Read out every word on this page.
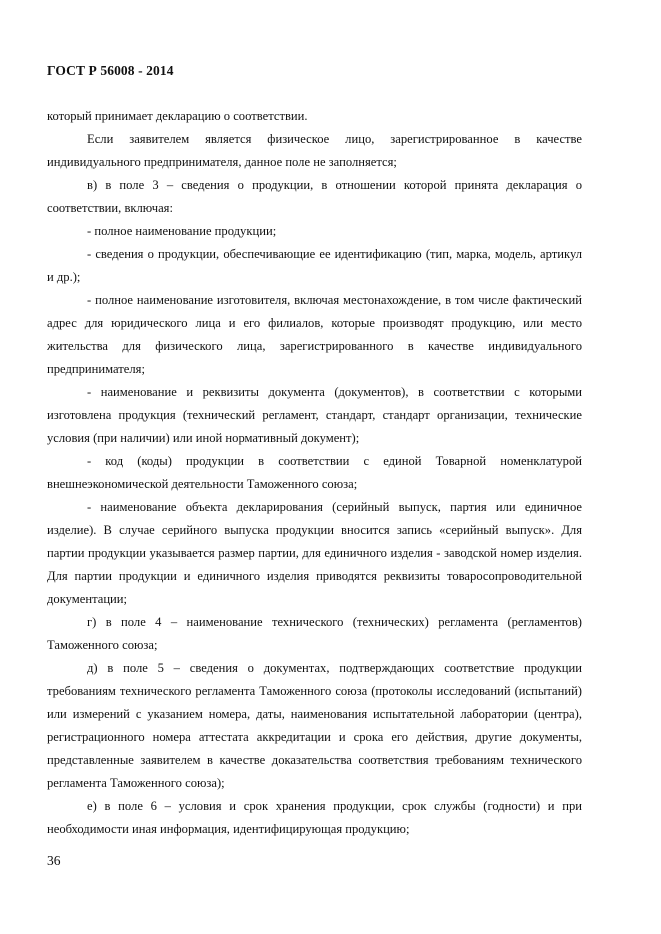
ГОСТ Р 56008 - 2014

который принимает декларацию о соответствии.

Если заявителем является физическое лицо, зарегистрированное в качестве индивидуального предпринимателя, данное поле не заполняется;

в) в поле 3 – сведения о продукции, в отношении которой принята декларация о соответствии, включая:

- полное наименование продукции;

- сведения о продукции, обеспечивающие ее идентификацию (тип, марка, модель, артикул и др.);

- полное наименование изготовителя, включая местонахождение, в том числе фактический адрес для юридического лица и его филиалов, которые производят продукцию, или место жительства для физического лица, зарегистрированного в качестве индивидуального предпринимателя;

- наименование и реквизиты документа (документов), в соответствии с которыми изготовлена продукция (технический регламент, стандарт, стандарт организации, технические условия (при наличии) или иной нормативный документ);

- код (коды) продукции в соответствии с единой Товарной номенклатурой внешнеэкономической деятельности Таможенного союза;

- наименование объекта декларирования (серийный выпуск, партия или единичное изделие). В случае серийного выпуска продукции вносится запись «серийный выпуск». Для партии продукции указывается размер партии, для единичного изделия - заводской номер изделия. Для партии продукции и единичного изделия приводятся реквизиты товаросопроводительной документации;

г) в поле 4 – наименование технического (технических) регламента (регламентов) Таможенного союза;

д) в поле 5 – сведения о документах, подтверждающих соответствие продукции требованиям технического регламента Таможенного союза (протоколы исследований (испытаний) или измерений с указанием номера, даты, наименования испытательной лаборатории (центра), регистрационного номера аттестата аккредитации и срока его действия, другие документы, представленные заявителем в качестве доказательства соответствия требованиям технического регламента Таможенного союза);

е) в поле 6 – условия и срок хранения продукции, срок службы (годности) и при необходимости иная информация, идентифицирующая продукцию;

36
